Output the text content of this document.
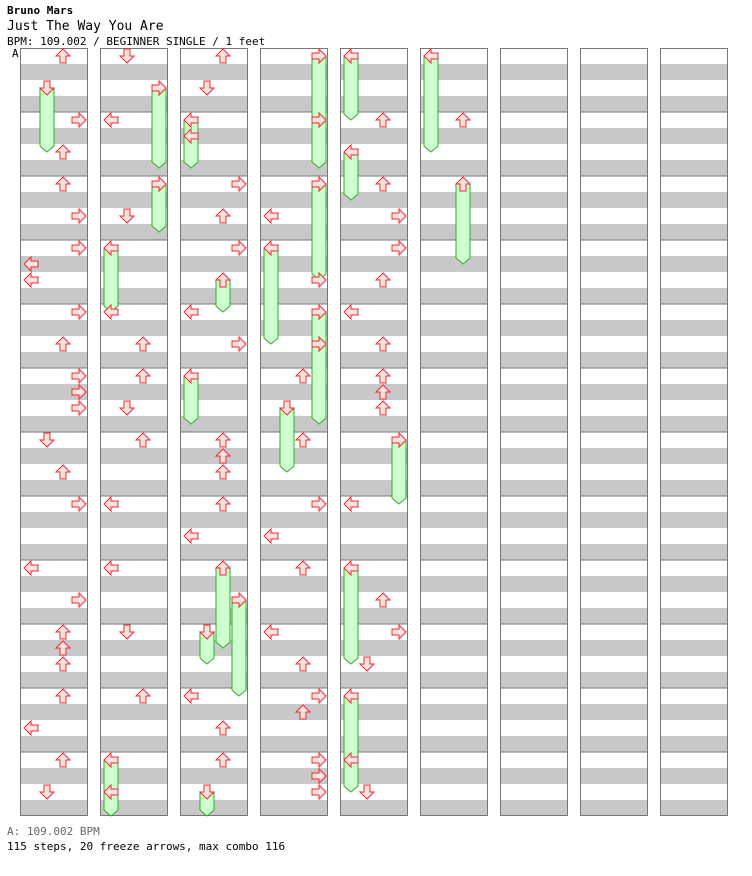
Bruno Mars
Just The Way You Are
BPM: 109.002 / BEGINNER SINGLE / 1 feet
A
A: 109.002 BPM
115 steps, 20 freeze arrows, max combo 116
